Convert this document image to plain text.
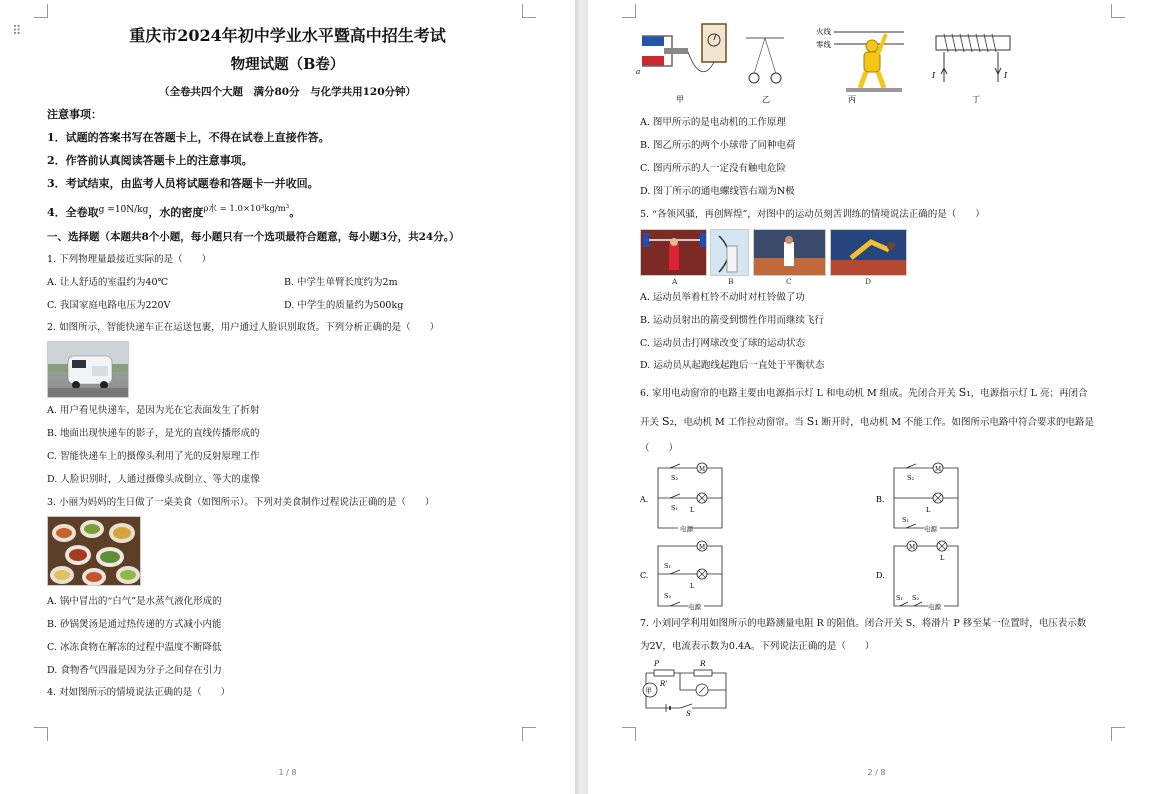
⠿	重庆市2024年初中学业水平暨高中招生考试
物理试题（B卷）
（全卷共四个大题　满分80分　与化学共用120分钟）
注意事项：
1．试题的答案书写在答题卡上，不得在试卷上直接作答。
2．作答前认真阅读答题卡上的注意事项。
3．考试结束，由监考人员将试题卷和答题卡一并收回。
4．全卷取$^{g =10N/kg}$，水的密度$^{\rho 水 = 1.0\times 10^3kg/m^3}$。
一、选择题（本题共8个小题，每小题只有一个选项最符合题意，每小题3分，共24分。）
1. 下列物理量最接近实际的是（　　）
A. 让人舒适的室温约为40℃	B. 中学生单臂长度约为2m
C. 我国家庭电路电压为220V	D. 中学生的质量约为500kg
2. 如图所示，智能快递车正在运送包裹，用户通过人脸识别取货。下列分析正确的是（　　）
A. 用户看见快递车，是因为光在它表面发生了折射
B. 地面出现快递车的影子，是光的直线传播形成的
C. 智能快递车上的摄像头利用了光的反射原理工作
D. 人脸识别时，人通过摄像头成倒立、等大的虚像
3. 小丽为妈妈的生日做了一桌美食（如图所示）。下列对美食制作过程说法正确的是（　　）
A. 锅中冒出的“白气”是水蒸气液化形成的
B. 砂锅煲汤是通过热传递的方式减小内能
C. 冰冻食物在解冻的过程中温度不断降低
D. 食物香气四溢是因为分子之间存在引力
4. 对如图所示的情境说法正确的是（　　）
1 / 8
a
火线
零线
I	I
甲	乙	丙	丁
A. 图甲所示的是电动机的工作原理
B. 图乙所示的两个小球带了同种电荷
C. 图丙所示的人一定没有触电危险
D. 图丁所示的通电螺线管右端为N极
5. “各领风骚，再创辉煌”，对图中的运动员刻苦训练的情境说法正确的是（　　）
A	B	C	D
A. 运动员举着杠铃不动时对杠铃做了功
B. 运动员射出的箭受到惯性作用而继续飞行
C. 运动员击打网球改变了球的运动状态
D. 运动员从起跑线起跑后一直处于平衡状态
6. 家用电动窗帘的电路主要由电源指示灯 L 和电动机 M 组成。先闭合开关 S₁，电源指示灯 L 亮；再闭合
开关 S₂，电动机 M 工作拉动窗帘。当 S₁ 断开时，电动机 M 不能工作。如图所示电路中符合要求的电路是
（　　）
A.
S₂
M
S₁ L
电源
B.
S₂
M
L
S₁
电源
C.
M
S₁
L
S₂
电源
D.
M
L
S₁ S₂
电源
7. 小刘同学利用如图所示的电路测量电阻 R 的阻值。闭合开关 S，将滑片 P 移至某一位置时，电压表示数
为2V，电流表示数为0.4A。下列说法正确的是（　　）
P	R
R'
甲
S
2 / 8
